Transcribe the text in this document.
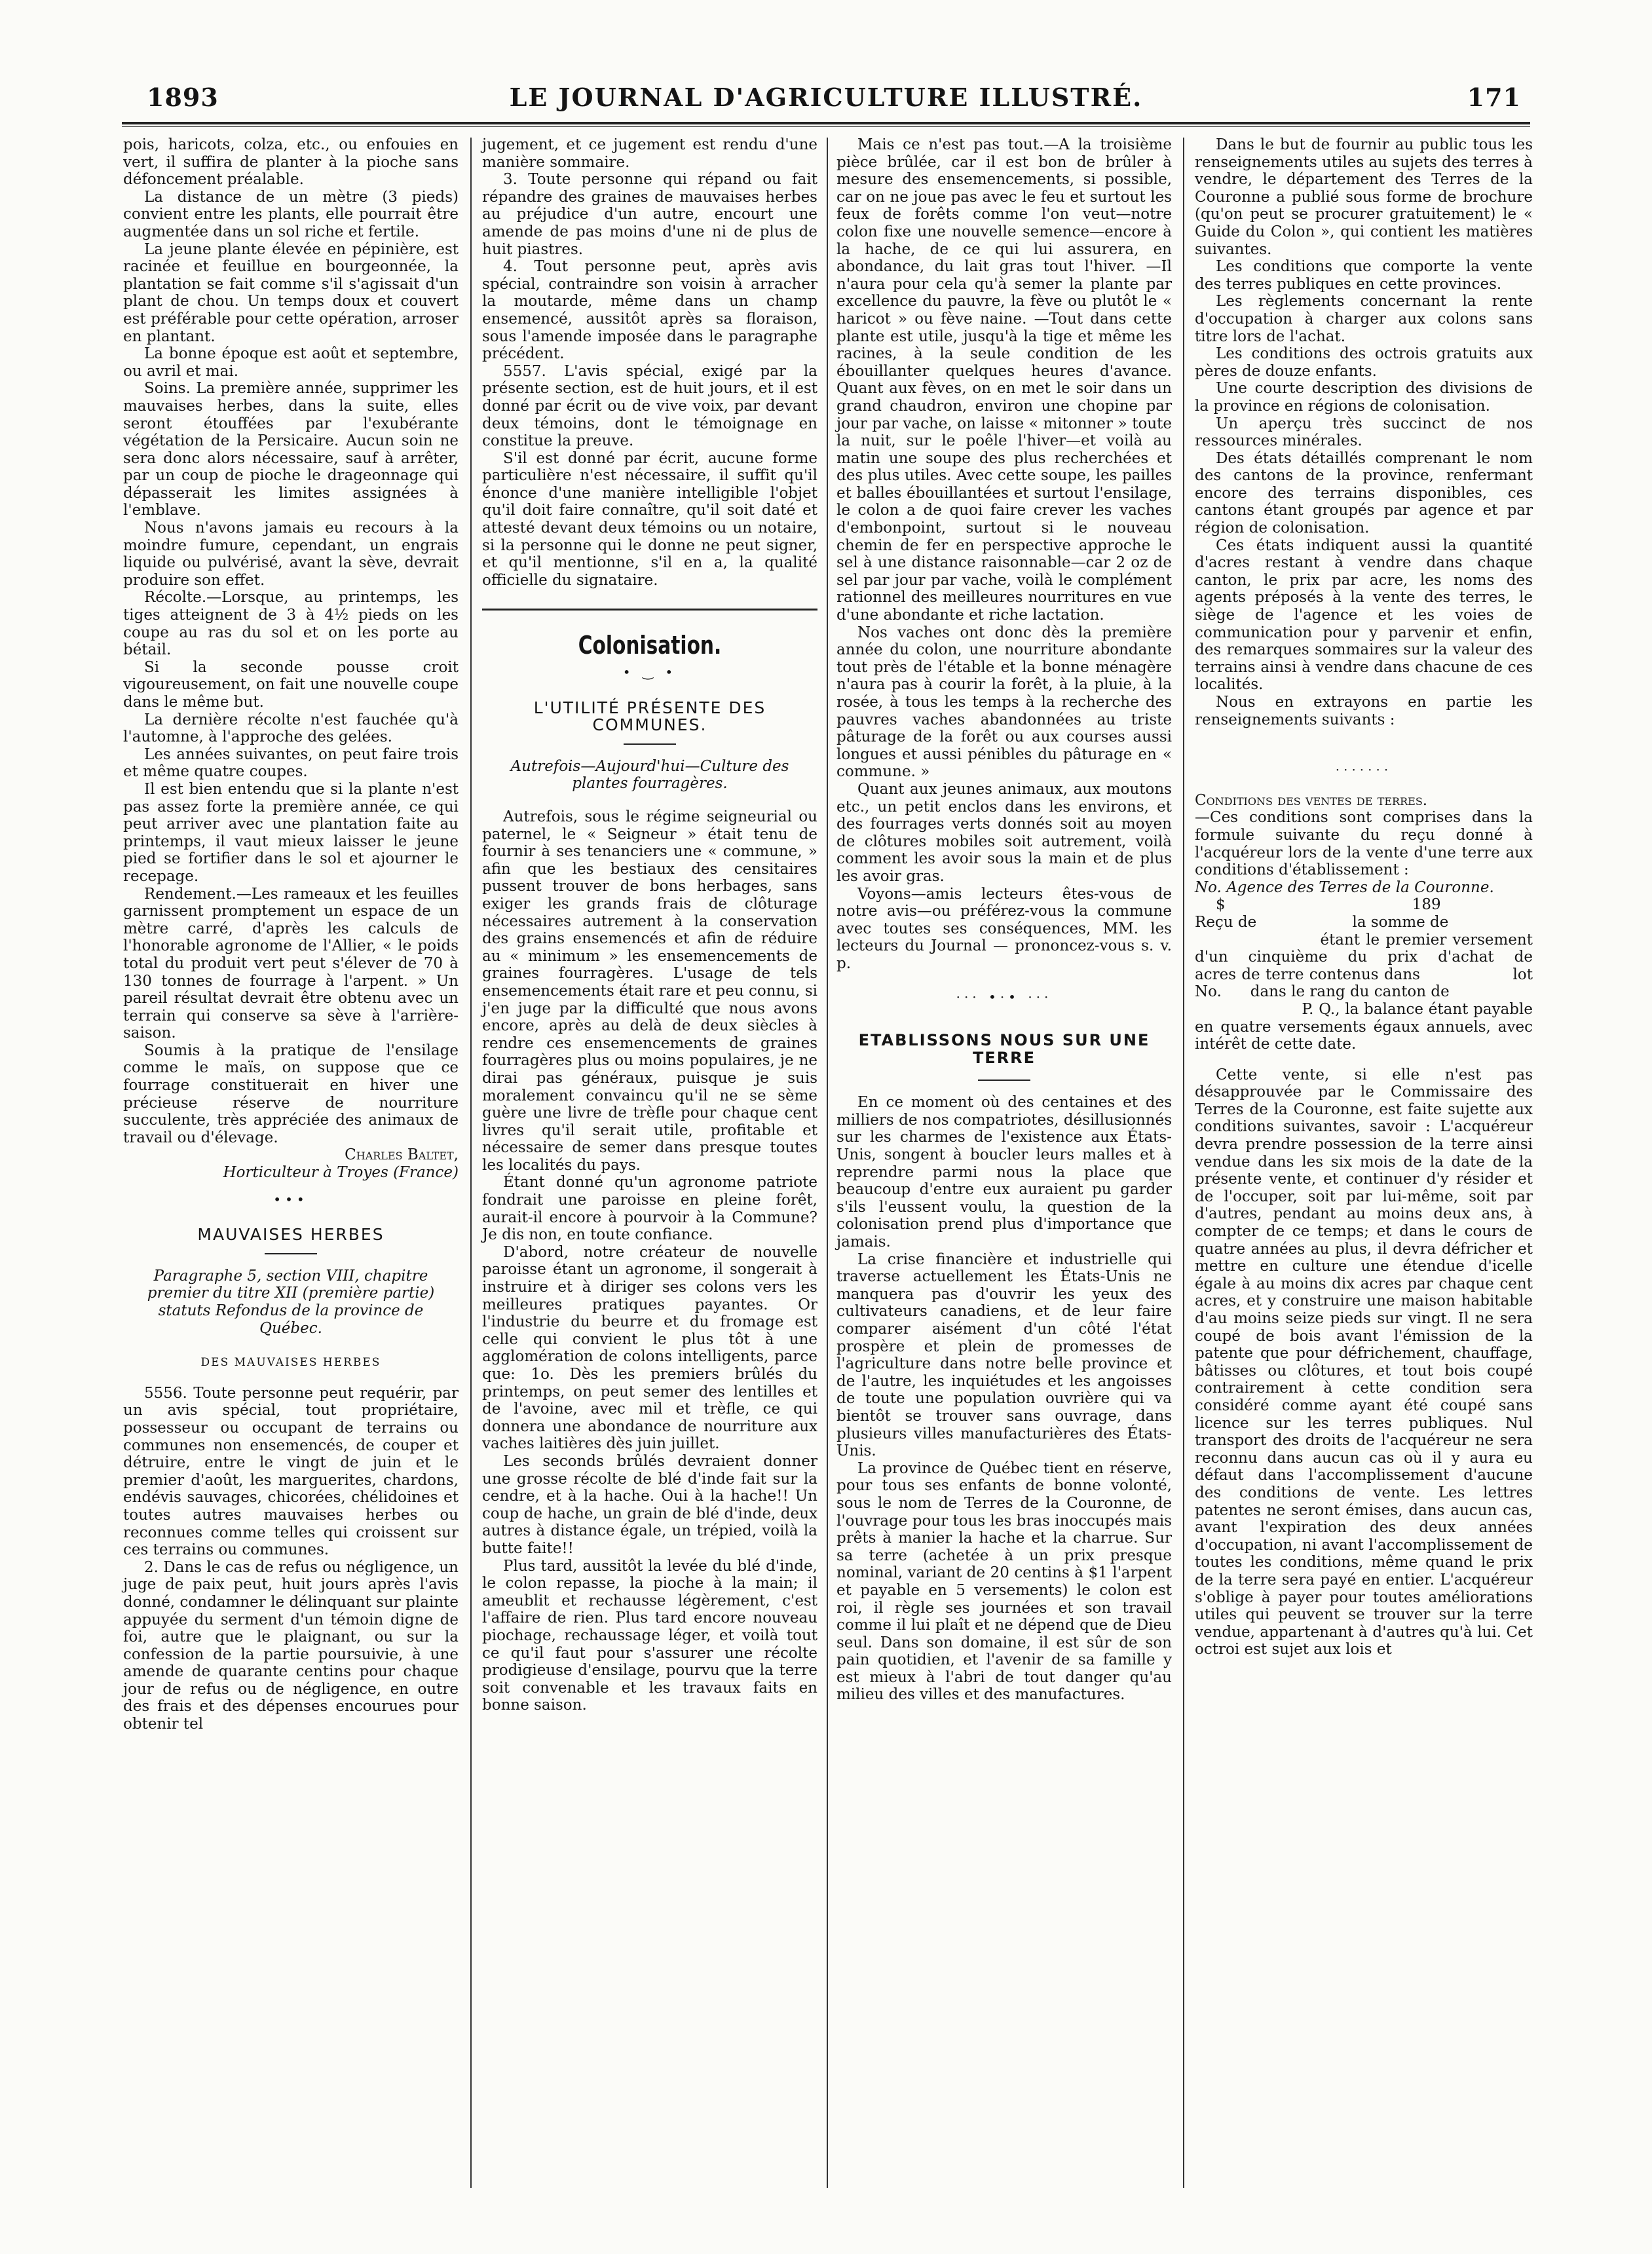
1893	LE JOURNAL D'AGRICULTURE ILLUSTRÉ.	171

pois, haricots, colza, etc., ou enfouies en vert, il suffira de planter à la pioche sans défoncement préalable.

La distance de un mètre (3 pieds) convient entre les plants, elle pourrait être augmentée dans un sol riche et fertile.

La jeune plante élevée en pépinière, est racinée et feuillue en bourgeonnée, la plantation se fait comme s'il s'agissait d'un plant de chou. Un temps doux et couvert est préférable pour cette opération, arroser en plantant.

La bonne époque est août et septembre, ou avril et mai.

Soins. La première année, supprimer les mauvaises herbes, dans la suite, elles seront étouffées par l'exubérante végétation de la Persicaire. Aucun soin ne sera donc alors nécessaire, sauf à arrêter, par un coup de pioche le drageonnage qui dépasserait les limites assignées à l'emblave.

Nous n'avons jamais eu recours à la moindre fumure, cependant, un engrais liquide ou pulvérisé, avant la sève, devrait produire son effet.

Récolte.—Lorsque, au printemps, les tiges atteignent de 3 à 4½ pieds on les coupe au ras du sol et on les porte au bétail.

Si la seconde pousse croit vigoureusement, on fait une nouvelle coupe dans le même but.

La dernière récolte n'est fauchée qu'à l'automne, à l'approche des gelées.

Les années suivantes, on peut faire trois et même quatre coupes.

Il est bien entendu que si la plante n'est pas assez forte la première année, ce qui peut arriver avec une plantation faite au printemps, il vaut mieux laisser le jeune pied se fortifier dans le sol et ajourner le recepage.

Rendement.—Les rameaux et les feuilles garnissent promptement un espace de un mètre carré, d'après les calculs de l'honorable agronome de l'Allier, « le poids total du produit vert peut s'élever de 70 à 130 tonnes de fourrage à l'arpent. » Un pareil résultat devrait être obtenu avec un terrain qui conserve sa sève à l'arrière-saison.

Soumis à la pratique de l'ensilage comme le maïs, on suppose que ce fourrage constituerait en hiver une précieuse réserve de nourriture succulente, très appréciée des animaux de travail ou d'élevage.

Charles Baltet,

Horticulteur à Troyes (France)

•••
MAUVAISES HERBES
Paragraphe 5, section VIII, chapitre premier du titre XII (première partie) statuts Refondus de la province de Québec.
DES MAUVAISES HERBES

5556. Toute personne peut requérir, par un avis spécial, tout propriétaire, possesseur ou occupant de terrains ou communes non ensemencés, de couper et détruire, entre le vingt de juin et le premier d'août, les marguerites, chardons, endévis sauvages, chicorées, chélidoines et toutes autres mauvaises herbes ou reconnues comme telles qui croissent sur ces terrains ou communes.

2. Dans le cas de refus ou négligence, un juge de paix peut, huit jours après l'avis donné, condamner le délinquant sur plainte appuyée du serment d'un témoin digne de foi, autre que le plaignant, ou sur la confession de la partie poursuivie, à une amende de quarante centins pour chaque jour de refus ou de négligence, en outre des frais et des dépenses encourues pour obtenir tel

jugement, et ce jugement est rendu d'une manière sommaire.

3. Toute personne qui répand ou fait répandre des graines de mauvaises herbes au préjudice d'un autre, encourt une amende de pas moins d'une ni de plus de huit piastres.

4. Tout personne peut, après avis spécial, contraindre son voisin à arracher la moutarde, même dans un champ ensemencé, aussitôt après sa floraison, sous l'amende imposée dans le paragraphe précédent.

5557. L'avis spécial, exigé par la présente section, est de huit jours, et il est donné par écrit ou de vive voix, par devant deux témoins, dont le témoignage en constitue la preuve.

S'il est donné par écrit, aucune forme particulière n'est nécessaire, il suffit qu'il énonce d'une manière intelligible l'objet qu'il doit faire connaître, qu'il soit daté et attesté devant deux témoins ou un notaire, si la personne qui le donne ne peut signer, et qu'il mentionne, s'il en a, la qualité officielle du signataire.

Colonisation.
• ‿ •
L'UTILITÉ PRÉSENTE DES COMMUNES.
Autrefois—Aujourd'hui—Culture des plantes fourragères.

Autrefois, sous le régime seigneurial ou paternel, le « Seigneur » était tenu de fournir à ses tenanciers une « commune, » afin que les bestiaux des censitaires pussent trouver de bons herbages, sans exiger les grands frais de clôturage nécessaires autrement à la conservation des grains ensemencés et afin de réduire au « minimum » les ensemencements de graines fourragères. L'usage de tels ensemencements était rare et peu connu, si j'en juge par la difficulté que nous avons encore, après au delà de deux siècles à rendre ces ensemencements de graines fourragères plus ou moins populaires, je ne dirai pas généraux, puisque je suis moralement convaincu qu'il ne se sème guère une livre de trèfle pour chaque cent livres qu'il serait utile, profitable et nécessaire de semer dans presque toutes les localités du pays.

Étant donné qu'un agronome patriote fondrait une paroisse en pleine forêt, aurait-il encore à pourvoir à la Commune? Je dis non, en toute confiance.

D'abord, notre créateur de nouvelle paroisse étant un agronome, il songerait à instruire et à diriger ses colons vers les meilleures pratiques payantes. Or l'industrie du beurre et du fromage est celle qui convient le plus tôt à une agglomération de colons intelligents, parce que: 1o. Dès les premiers brûlés du printemps, on peut semer des lentilles et de l'avoine, avec mil et trèfle, ce qui donnera une abondance de nourriture aux vaches laitières dès juin juillet.

Les seconds brûlés devraient donner une grosse récolte de blé d'inde fait sur la cendre, et à la hache. Oui à la hache!! Un coup de hache, un grain de blé d'inde, deux autres à distance égale, un trépied, voilà la butte faite!!

Plus tard, aussitôt la levée du blé d'inde, le colon repasse, la pioche à la main; il ameublit et rechausse légèrement, c'est l'affaire de rien. Plus tard encore nouveau piochage, rechaussage léger, et voilà tout ce qu'il faut pour s'assurer une récolte prodigieuse d'ensilage, pourvu que la terre soit convenable et les travaux faits en bonne saison.

Mais ce n'est pas tout.—A la troisième pièce brûlée, car il est bon de brûler à mesure des ensemencements, si possible, car on ne joue pas avec le feu et surtout les feux de forêts comme l'on veut—notre colon fixe une nouvelle semence—encore à la hache, de ce qui lui assurera, en abondance, du lait gras tout l'hiver. —Il n'aura pour cela qu'à semer la plante par excellence du pauvre, la fève ou plutôt le « haricot » ou fève naine. —Tout dans cette plante est utile, jusqu'à la tige et même les racines, à la seule condition de les ébouillanter quelques heures d'avance. Quant aux fèves, on en met le soir dans un grand chaudron, environ une chopine par jour par vache, on laisse « mitonner » toute la nuit, sur le poêle l'hiver—et voilà au matin une soupe des plus recherchées et des plus utiles. Avec cette soupe, les pailles et balles ébouillantées et surtout l'ensilage, le colon a de quoi faire crever les vaches d'embonpoint, surtout si le nouveau chemin de fer en perspective approche le sel à une distance raisonnable—car 2 oz de sel par jour par vache, voilà le complément rationnel des meilleures nourritures en vue d'une abondante et riche lactation.

Nos vaches ont donc dès la première année du colon, une nourriture abondante tout près de l'étable et la bonne ménagère n'aura pas à courir la forêt, à la pluie, à la rosée, à tous les temps à la recherche des pauvres vaches abandonnées au triste pâturage de la forêt ou aux courses aussi longues et aussi pénibles du pâturage en « commune. »

Quant aux jeunes animaux, aux moutons etc., un petit enclos dans les environs, et des fourrages verts donnés soit au moyen de clôtures mobiles soit autrement, voilà comment les avoir sous la main et de plus les avoir gras.

Voyons—amis lecteurs êtes-vous de notre avis—ou préférez-vous la commune avec toutes ses conséquences, MM. les lecteurs du Journal — prononcez-vous s. v. p.

··· •·• ···
ETABLISSONS NOUS SUR UNE TERRE

En ce moment où des centaines et des milliers de nos compatriotes, désillusionnés sur les charmes de l'existence aux États-Unis, songent à boucler leurs malles et à reprendre parmi nous la place que beaucoup d'entre eux auraient pu garder s'ils l'eussent voulu, la question de la colonisation prend plus d'importance que jamais.

La crise financière et industrielle qui traverse actuellement les États-Unis ne manquera pas d'ouvrir les yeux des cultivateurs canadiens, et de leur faire comparer aisément d'un côté l'état prospère et plein de promesses de l'agriculture dans notre belle province et de l'autre, les inquiétudes et les angoisses de toute une population ouvrière qui va bientôt se trouver sans ouvrage, dans plusieurs villes manufacturières des États-Unis.

La province de Québec tient en réserve, pour tous ses enfants de bonne volonté, sous le nom de Terres de la Couronne, de l'ouvrage pour tous les bras inoccupés mais prêts à manier la hache et la charrue. Sur sa terre (achetée à un prix presque nominal, variant de 20 centins à $1 l'arpent et payable en 5 versements) le colon est roi, il règle ses journées et son travail comme il lui plaît et ne dépend que de Dieu seul. Dans son domaine, il est sûr de son pain quotidien, et l'avenir de sa famille y est mieux à l'abri de tout danger qu'au milieu des villes et des manufactures.

Dans le but de fournir au public tous les renseignements utiles au sujets des terres à vendre, le département des Terres de la Couronne a publié sous forme de brochure (qu'on peut se procurer gratuitement) le « Guide du Colon », qui contient les matières suivantes.

Les conditions que comporte la vente des terres publiques en cette provinces.

Les règlements concernant la rente d'occupation à charger aux colons sans titre lors de l'achat.

Les conditions des octrois gratuits aux pères de douze enfants.

Une courte description des divisions de la province en régions de colonisation.

Un aperçu très succinct de nos ressources minérales.

Des états détaillés comprenant le nom des cantons de la province, renfermant encore des terrains disponibles, ces cantons étant groupés par agence et par région de colonisation.

Ces états indiquent aussi la quantité d'acres restant à vendre dans chaque canton, le prix par acre, les noms des agents préposés à la vente des terres, le siège de l'agence et les voies de communication pour y parvenir et enfin, des remarques sommaires sur la valeur des terrains ainsi à vendre dans chacune de ces localités.

Nous en extrayons en partie les renseignements suivants :

·······

Conditions des ventes de terres.

—Ces conditions sont comprises dans la formule suivante du reçu donné à l'acquéreur lors de la vente d'une terre aux conditions d'établissement :

No. Agence des Terres de la Couronne.

$                                       189

Reçu de                    la somme de

étant le premier versement d'un cinquième du prix d'achat de                    acres de terre contenus dans                 lot      No.      dans le rang du canton de

P. Q., la balance étant payable en quatre versements égaux annuels, avec intérêt de cette date.

Cette vente, si elle n'est pas désapprouvée par le Commissaire des Terres de la Couronne, est faite sujette aux conditions suivantes, savoir : L'acquéreur devra prendre possession de la terre ainsi vendue dans les six mois de la date de la présente vente, et continuer d'y résider et de l'occuper, soit par lui-même, soit par d'autres, pendant au moins deux ans, à compter de ce temps; et dans le cours de quatre années au plus, il devra défricher et mettre en culture une étendue d'icelle égale à au moins dix acres par chaque cent acres, et y construire une maison habitable d'au moins seize pieds sur vingt. Il ne sera coupé de bois avant l'émission de la patente que pour défrichement, chauffage, bâtisses ou clôtures, et tout bois coupé contrairement à cette condition sera considéré comme ayant été coupé sans licence sur les terres publiques. Nul transport des droits de l'acquéreur ne sera reconnu dans aucun cas où il y aura eu défaut dans l'accomplissement d'aucune des conditions de vente. Les lettres patentes ne seront émises, dans aucun cas, avant l'expiration des deux années d'occupation, ni avant l'accomplissement de toutes les conditions, même quand le prix de la terre sera payé en entier. L'acquéreur s'oblige à payer pour toutes améliorations utiles qui peuvent se trouver sur la terre vendue, appartenant à d'autres qu'à lui. Cet octroi est sujet aux lois et
